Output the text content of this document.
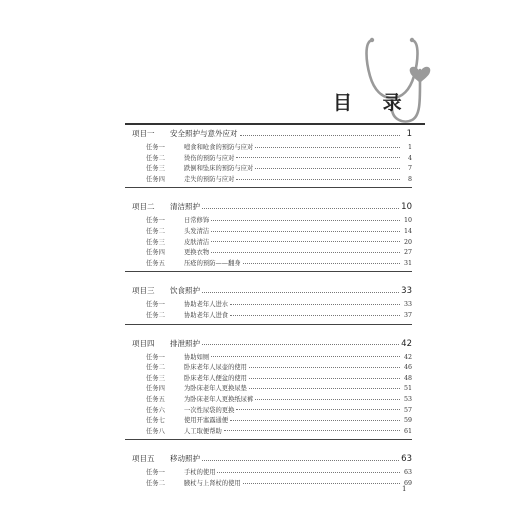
目 录
项目一	安全照护与意外应对	1
任务一	噎食和呛食的预防与应对	1
任务二	烫伤的预防与应对	4
任务三	跌倒和坠床的预防与应对	7
任务四	走失的预防与应对	8
项目二	清洁照护	10
任务一	日常修饰	10
任务二	头发清洁	14
任务三	皮肤清洁	20
任务四	更换衣物	27
任务五	压疮的预防——翻身	31
项目三	饮食照护	33
任务一	协助老年人进水	33
任务二	协助老年人进食	37
项目四	排泄照护	42
任务一	协助如厕	42
任务二	卧床老年人尿壶的使用	46
任务三	卧床老年人便盆的使用	48
任务四	为卧床老年人更换尿垫	51
任务五	为卧床老年人更换纸尿裤	53
任务六	一次性尿袋的更换	57
任务七	使用开塞露通便	59
任务八	人工取便帮助	61
项目五	移动照护	63
任务一	手杖的使用	63
任务二	腋杖与上肾杖的使用	69
1
